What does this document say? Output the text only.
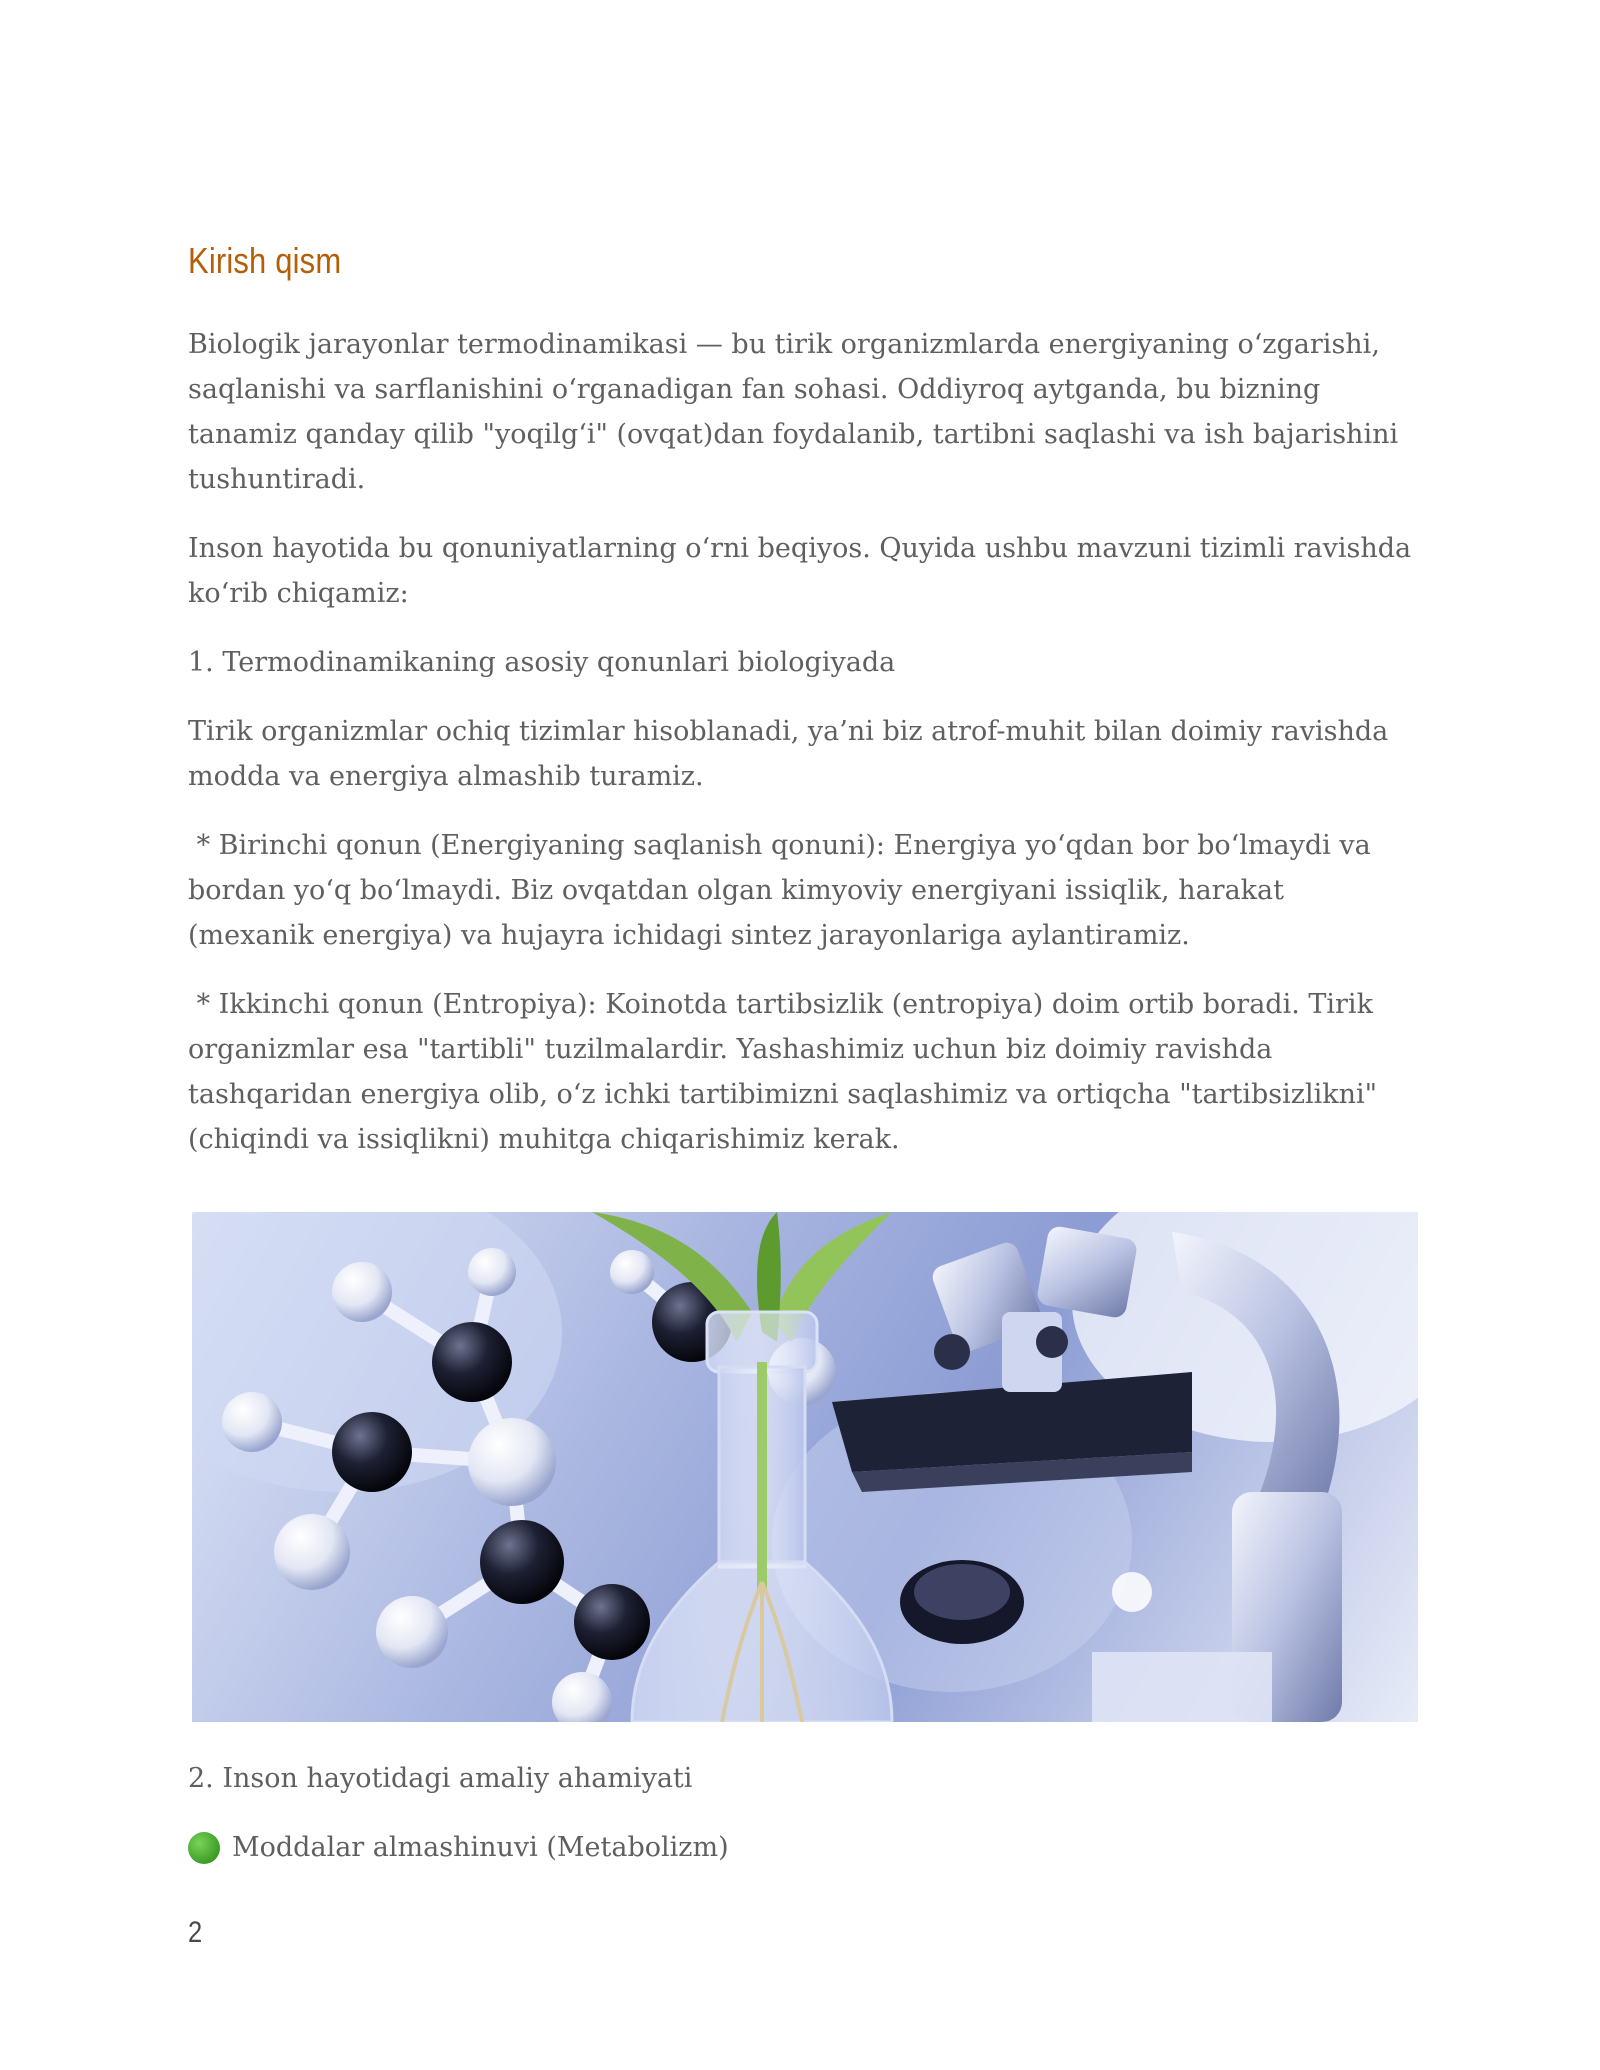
Kirish qism

Biologik jarayonlar termodinamikasi — bu tirik organizmlarda energiyaning o‘zgarishi, saqlanishi va sarflanishini o‘rganadigan fan sohasi. Oddiyroq aytganda, bu bizning tanamiz qanday qilib "yoqilg‘i" (ovqat)dan foydalanib, tartibni saqlashi va ish bajarishini tushuntiradi.

Inson hayotida bu qonuniyatlarning o‘rni beqiyos. Quyida ushbu mavzuni tizimli ravishda ko‘rib chiqamiz:

1. Termodinamikaning asosiy qonunlari biologiyada

Tirik organizmlar ochiq tizimlar hisoblanadi, ya’ni biz atrof-muhit bilan doimiy ravishda modda va energiya almashib turamiz.

* Birinchi qonun (Energiyaning saqlanish qonuni): Energiya yo‘qdan bor bo‘lmaydi va bordan yo‘q bo‘lmaydi. Biz ovqatdan olgan kimyoviy energiyani issiqlik, harakat (mexanik energiya) va hujayra ichidagi sintez jarayonlariga aylantiramiz.

* Ikkinchi qonun (Entropiya): Koinotda tartibsizlik (entropiya) doim ortib boradi. Tirik organizmlar esa "tartibli" tuzilmalardir. Yashashimiz uchun biz doimiy ravishda tashqaridan energiya olib, o‘z ichki tartibimizni saqlashimiz va ortiqcha "tartibsizlikni" (chiqindi va issiqlikni) muhitga chiqarishimiz kerak.

2. Inson hayotidagi amaliy ahamiyati

Moddalar almashinuvi (Metabolizm)
2
